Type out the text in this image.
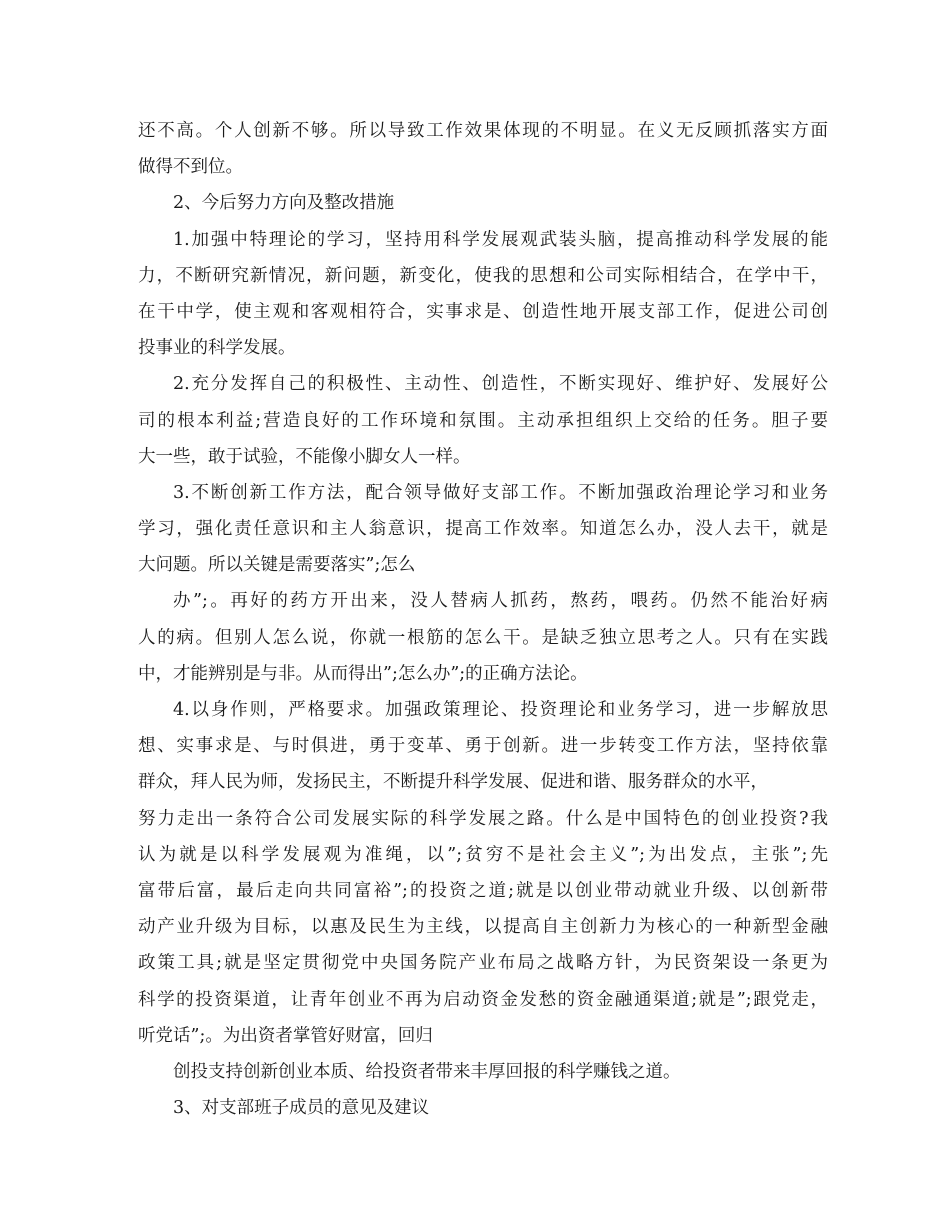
还不高。个人创新不够。所以导致工作效果体现的不明显。在义无反顾抓落实方面
做得不到位。
2、今后努力方向及整改措施
1.加强中特理论的学习，坚持用科学发展观武装头脑，提高推动科学发展的能
力，不断研究新情况，新问题，新变化，使我的思想和公司实际相结合，在学中干，
在干中学，使主观和客观相符合，实事求是、创造性地开展支部工作，促进公司创
投事业的科学发展。
2.充分发挥自己的积极性、主动性、创造性，不断实现好、维护好、发展好公
司的根本利益;营造良好的工作环境和氛围。主动承担组织上交给的任务。胆子要
大一些，敢于试验，不能像小脚女人一样。
3.不断创新工作方法，配合领导做好支部工作。不断加强政治理论学习和业务
学习，强化责任意识和主人翁意识，提高工作效率。知道怎么办，没人去干，就是
大问题。所以关键是需要落实”;怎么
办”;。再好的药方开出来，没人替病人抓药，熬药，喂药。仍然不能治好病
人的病。但别人怎么说，你就一根筋的怎么干。是缺乏独立思考之人。只有在实践
中，才能辨别是与非。从而得出”;怎么办”;的正确方法论。
4.以身作则，严格要求。加强政策理论、投资理论和业务学习，进一步解放思
想、实事求是、与时俱进，勇于变革、勇于创新。进一步转变工作方法，坚持依靠
群众，拜人民为师，发扬民主，不断提升科学发展、促进和谐、服务群众的水平，
努力走出一条符合公司发展实际的科学发展之路。什么是中国特色的创业投资?我
认为就是以科学发展观为准绳，以”;贫穷不是社会主义”;为出发点，主张”;先
富带后富，最后走向共同富裕”;的投资之道;就是以创业带动就业升级、以创新带
动产业升级为目标，以惠及民生为主线，以提高自主创新力为核心的一种新型金融
政策工具;就是坚定贯彻党中央国务院产业布局之战略方针，为民资架设一条更为
科学的投资渠道，让青年创业不再为启动资金发愁的资金融通渠道;就是”;跟党走，
听党话”;。为出资者掌管好财富，回归
创投支持创新创业本质、给投资者带来丰厚回报的科学赚钱之道。
3、对支部班子成员的意见及建议
